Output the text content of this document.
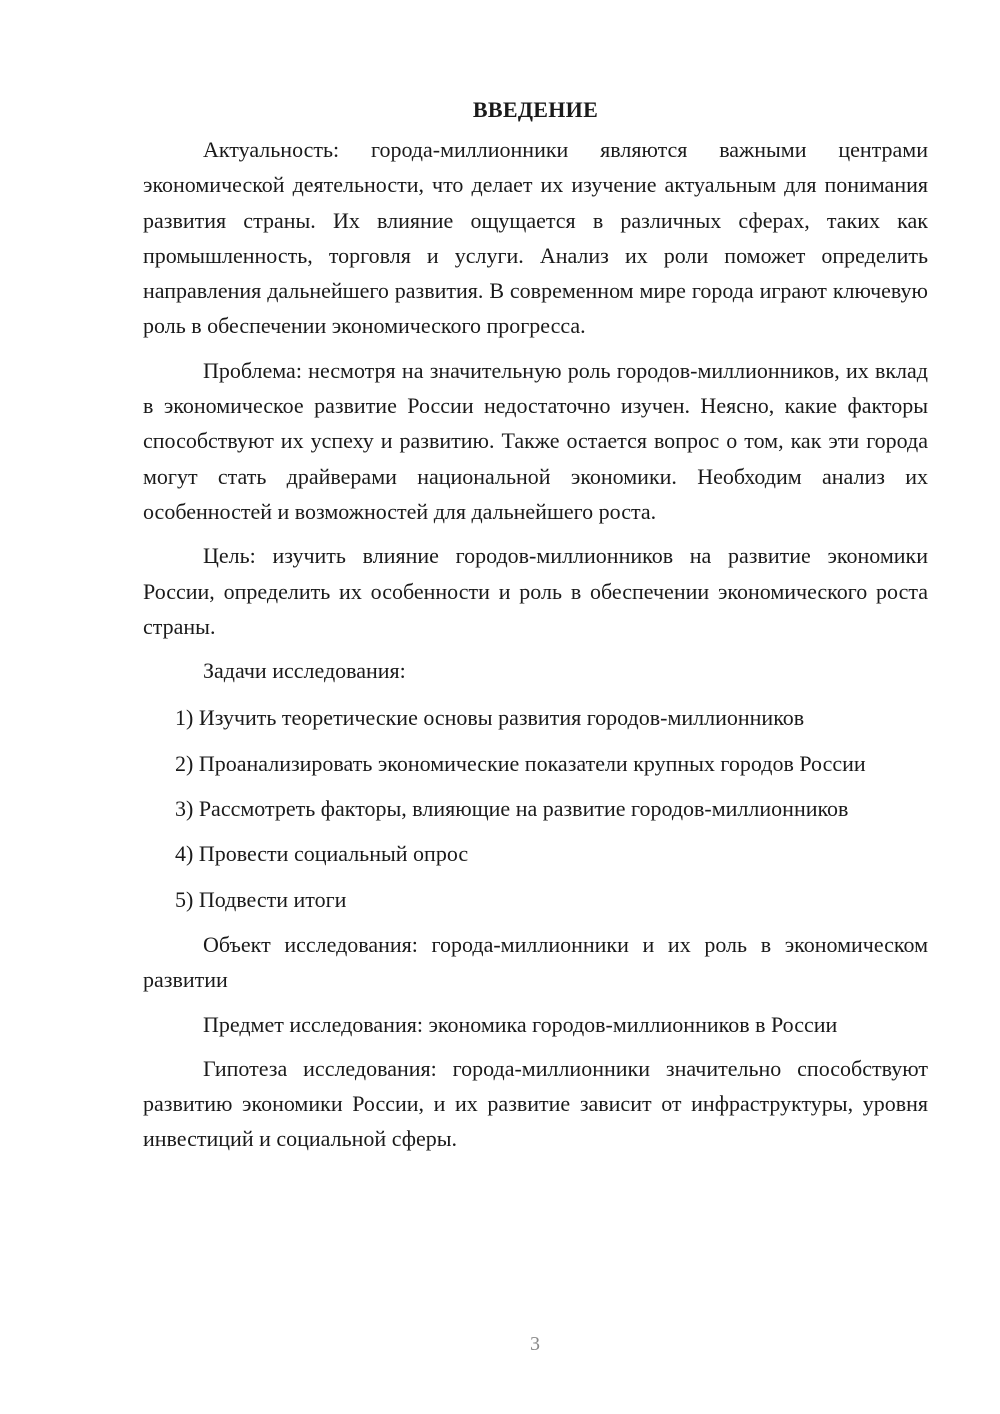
ВВЕДЕНИЕ

Актуальность: города-миллионники являются важными центрами экономической деятельности, что делает их изучение актуальным для понимания развития страны. Их влияние ощущается в различных сферах, таких как промышленность, торговля и услуги. Анализ их роли поможет определить направления дальнейшего развития. В современном мире города играют ключевую роль в обеспечении экономического прогресса.

Проблема: несмотря на значительную роль городов-миллионников, их вклад в экономическое развитие России недостаточно изучен. Неясно, какие факторы способствуют их успеху и развитию. Также остается вопрос о том, как эти города могут стать драйверами национальной экономики. Необходим анализ их особенностей и возможностей для дальнейшего роста.

Цель: изучить влияние городов-миллионников на развитие экономики России, определить их особенности и роль в обеспечении экономического роста страны.

Задачи исследования:

1) Изучить теоретические основы развития городов-миллионников

2) Проанализировать экономические показатели крупных городов России

3) Рассмотреть факторы, влияющие на развитие городов-миллионников

4) Провести социальный опрос

5) Подвести итоги

Объект исследования: города-миллионники и их роль в экономическом развитии

Предмет исследования: экономика городов-миллионников в России

Гипотеза исследования: города-миллионники значительно способствуют развитию экономики России, и их развитие зависит от инфраструктуры, уровня инвестиций и социальной сферы.

3
